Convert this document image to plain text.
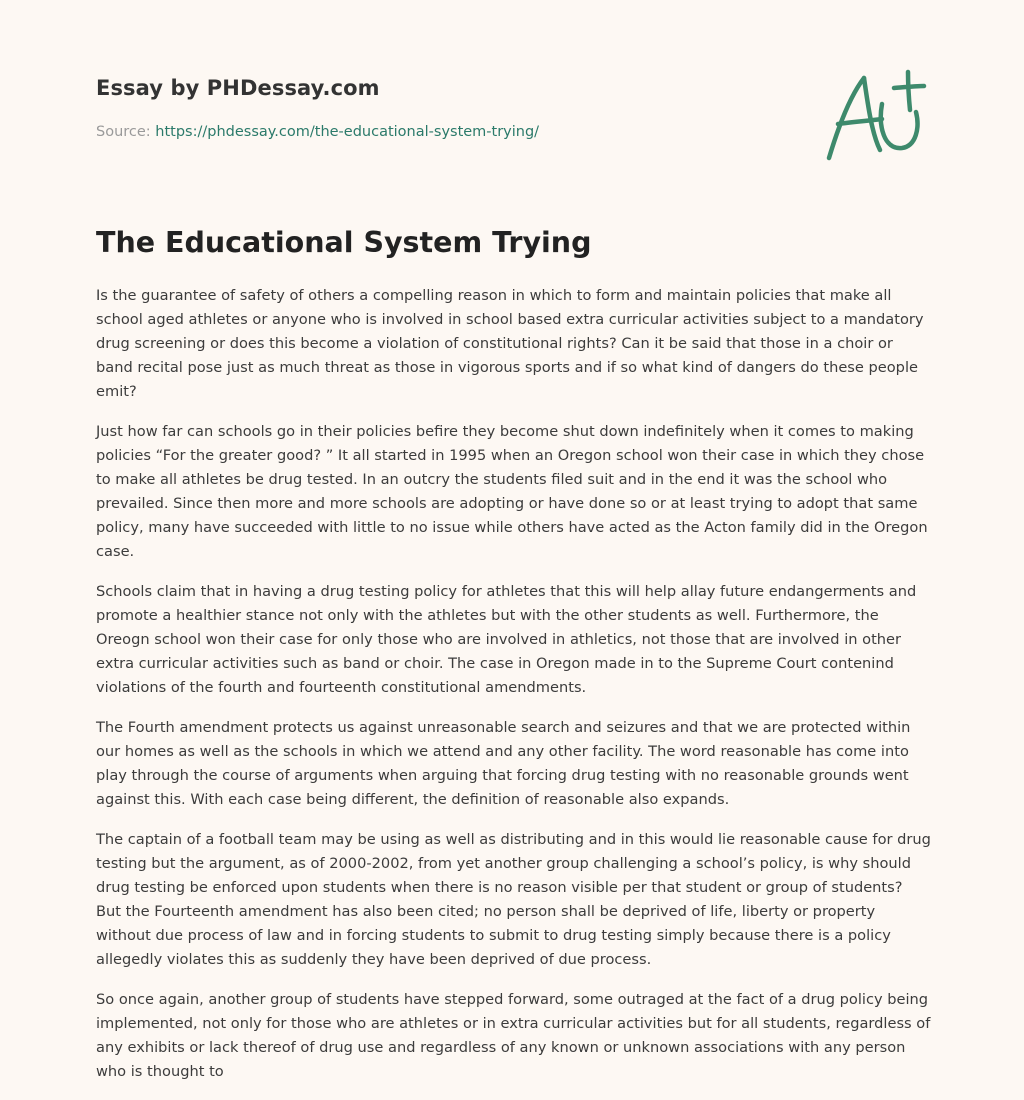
Essay by PHDessay.com
Source: https://phdessay.com/the-educational-system-trying/
The Educational System Trying

Is the guarantee of safety of others a compelling reason in which to form and maintain policies that make all school aged athletes or anyone who is involved in school based extra curricular activities subject to a mandatory drug screening or does this become a violation of constitutional rights? Can it be said that those in a choir or band recital pose just as much threat as those in vigorous sports and if so what kind of dangers do these people emit?

Just how far can schools go in their policies befire they become shut down indefinitely when it comes to making policies “For the greater good? ” It all started in 1995 when an Oregon school won their case in which they chose to make all athletes be drug tested. In an outcry the students filed suit and in the end it was the school who prevailed. Since then more and more schools are adopting or have done so or at least trying to adopt that same policy, many have succeeded with little to no issue while others have acted as the Acton family did in the Oregon case.

Schools claim that in having a drug testing policy for athletes that this will help allay future endangerments and promote a healthier stance not only with the athletes but with the other students as well. Furthermore, the Oreogn school won their case for only those who are involved in athletics, not those that are involved in other extra curricular activities such as band or choir. The case in Oregon made in to the Supreme Court contenind violations of the fourth and fourteenth constitutional amendments.

The Fourth amendment protects us against unreasonable search and seizures and that we are protected within our homes as well as the schools in which we attend and any other facility. The word reasonable has come into play through the course of arguments when arguing that forcing drug testing with no reasonable grounds went against this. With each case being different, the definition of reasonable also expands.

The captain of a football team may be using as well as distributing and in this would lie reasonable cause for drug testing but the argument, as of 2000-2002, from yet another group challenging a school’s policy, is why should drug testing be enforced upon students when there is no reason visible per that student or group of students? But the Fourteenth amendment has also been cited; no person shall be deprived of life, liberty or property without due process of law and in forcing students to submit to drug testing simply because there is a policy allegedly violates this as suddenly they have been deprived of due process.

So once again, another group of students have stepped forward, some outraged at the fact of a drug policy being implemented, not only for those who are athletes or in extra curricular activities but for all students, regardless of any exhibits or lack thereof of drug use and regardless of any known or unknown associations with any person who is thought to
